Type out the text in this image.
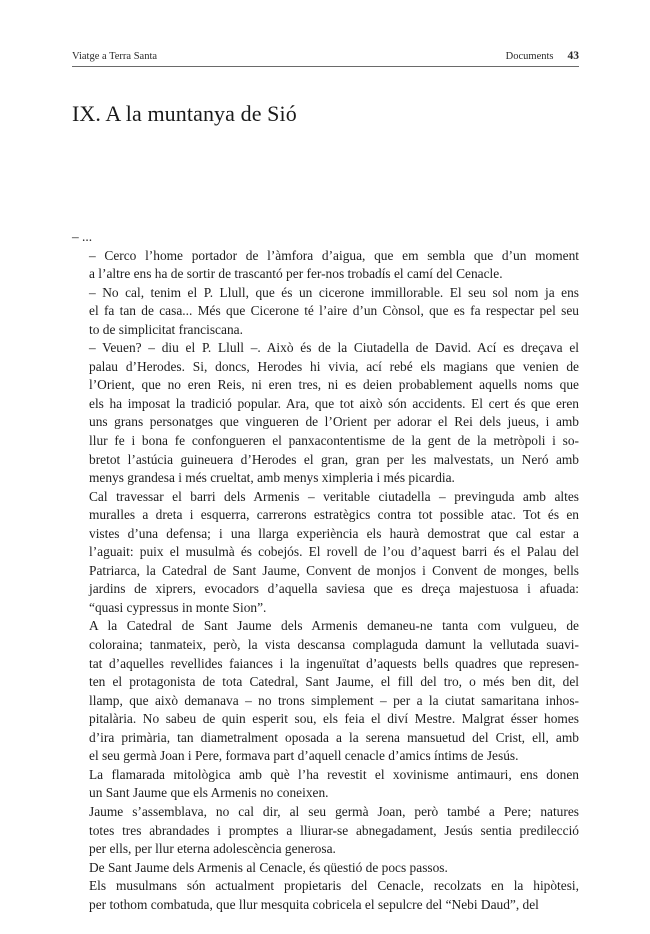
Viatge a Terra Santa	Documents 43
IX. A la muntanya de Sió

– ...

– Cerco l’home portador de l’àmfora d’aigua, que em sembla que d’un moment
a l’altre ens ha de sortir de trascantó per fer-nos trobadís el camí del Cenacle.

– No cal, tenim el P. Llull, que és un cicerone immillorable. El seu sol nom ja ens
el fa tan de casa... Més que Cicerone té l’aire d’un Cònsol, que es fa respectar pel seu
to de simplicitat franciscana.

– Veuen? – diu el P. Llull –. Això és de la Ciutadella de David. Ací es dreçava el
palau d’Herodes. Si, doncs, Herodes hi vivia, ací rebé els magians que venien de
l’Orient, que no eren Reis, ni eren tres, ni es deien probablement aquells noms que
els ha imposat la tradició popular. Ara, que tot això són accidents. El cert és que eren
uns grans personatges que vingueren de l’Orient per adorar el Rei dels jueus, i amb
llur fe i bona fe confongueren el panxacontentisme de la gent de la metròpoli i so-
bretot l’astúcia guineuera d’Herodes el gran, gran per les malvestats, un Neró amb
menys grandesa i més crueltat, amb menys ximpleria i més picardia.

Cal travessar el barri dels Armenis – veritable ciutadella – previnguda amb altes
muralles a dreta i esquerra, carrerons estratègics contra tot possible atac. Tot és en
vistes d’una defensa; i una llarga experiència els haurà demostrat que cal estar a
l’aguait: puix el musulmà és cobejós. El rovell de l’ou d’aquest barri és el Palau del
Patriarca, la Catedral de Sant Jaume, Convent de monjos i Convent de monges, bells
jardins de xiprers, evocadors d’aquella saviesa que es dreça majestuosa i afuada:
“quasi cypressus in monte Sion”.

A la Catedral de Sant Jaume dels Armenis demaneu-ne tanta com vulgueu, de
coloraina; tanmateix, però, la vista descansa complaguda damunt la vellutada suavi-
tat d’aquelles revellides faiances i la ingenuïtat d’aquests bells quadres que represen-
ten el protagonista de tota Catedral, Sant Jaume, el fill del tro, o més ben dit, del
llamp, que això demanava – no trons simplement – per a la ciutat samaritana inhos-
pitalària. No sabeu de quin esperit sou, els feia el diví Mestre. Malgrat ésser homes
d’ira primària, tan diametralment oposada a la serena mansuetud del Crist, ell, amb
el seu germà Joan i Pere, formava part d’aquell cenacle d’amics íntims de Jesús.

La flamarada mitològica amb què l’ha revestit el xovinisme antimauri, ens donen
un Sant Jaume que els Armenis no coneixen.

Jaume s’assemblava, no cal dir, al seu germà Joan, però també a Pere; natures
totes tres abrandades i promptes a lliurar-se abnegadament, Jesús sentia predilecció
per ells, per llur eterna adolescència generosa.

De Sant Jaume dels Armenis al Cenacle, és qüestió de pocs passos.

Els musulmans són actualment propietaris del Cenacle, recolzats en la hipòtesi,
per tothom combatuda, que llur mesquita cobricela el sepulcre del “Nebi Daud”, del
